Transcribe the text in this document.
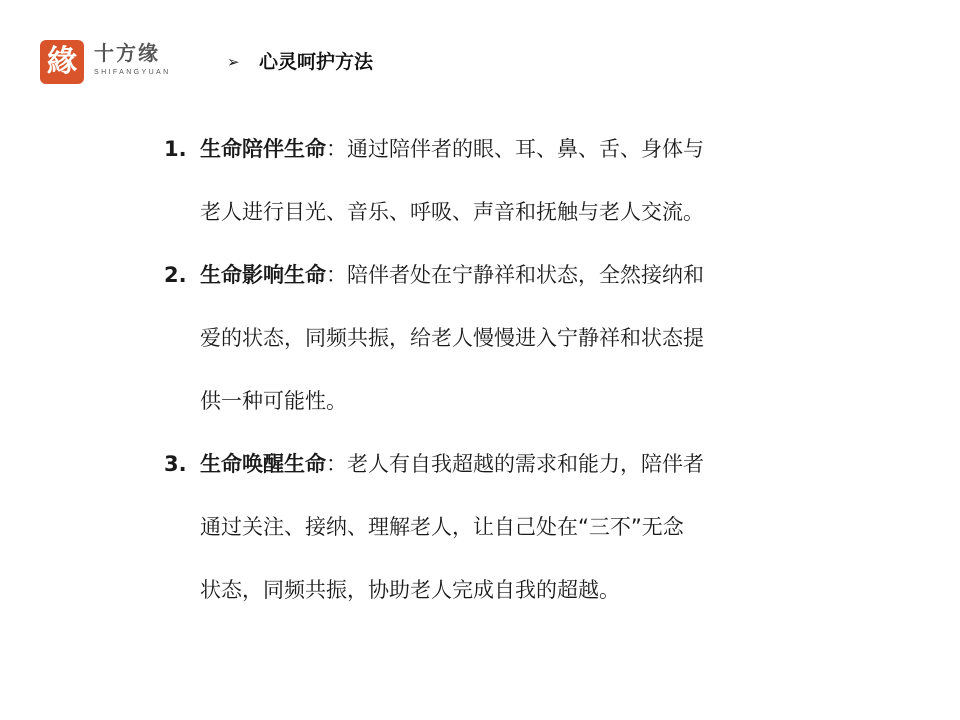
緣 十方缘
SHIFANGYUAN
➢ 心灵呵护方法
1. 生命陪伴生命：通过陪伴者的眼、耳、鼻、舌、身体与
老人进行目光、音乐、呼吸、声音和抚触与老人交流。
2. 生命影响生命：陪伴者处在宁静祥和状态，全然接纳和
爱的状态，同频共振，给老人慢慢进入宁静祥和状态提
供一种可能性。
3. 生命唤醒生命：老人有自我超越的需求和能力，陪伴者
通过关注、接纳、理解老人，让自己处在“三不”无念
状态，同频共振，协助老人完成自我的超越。
